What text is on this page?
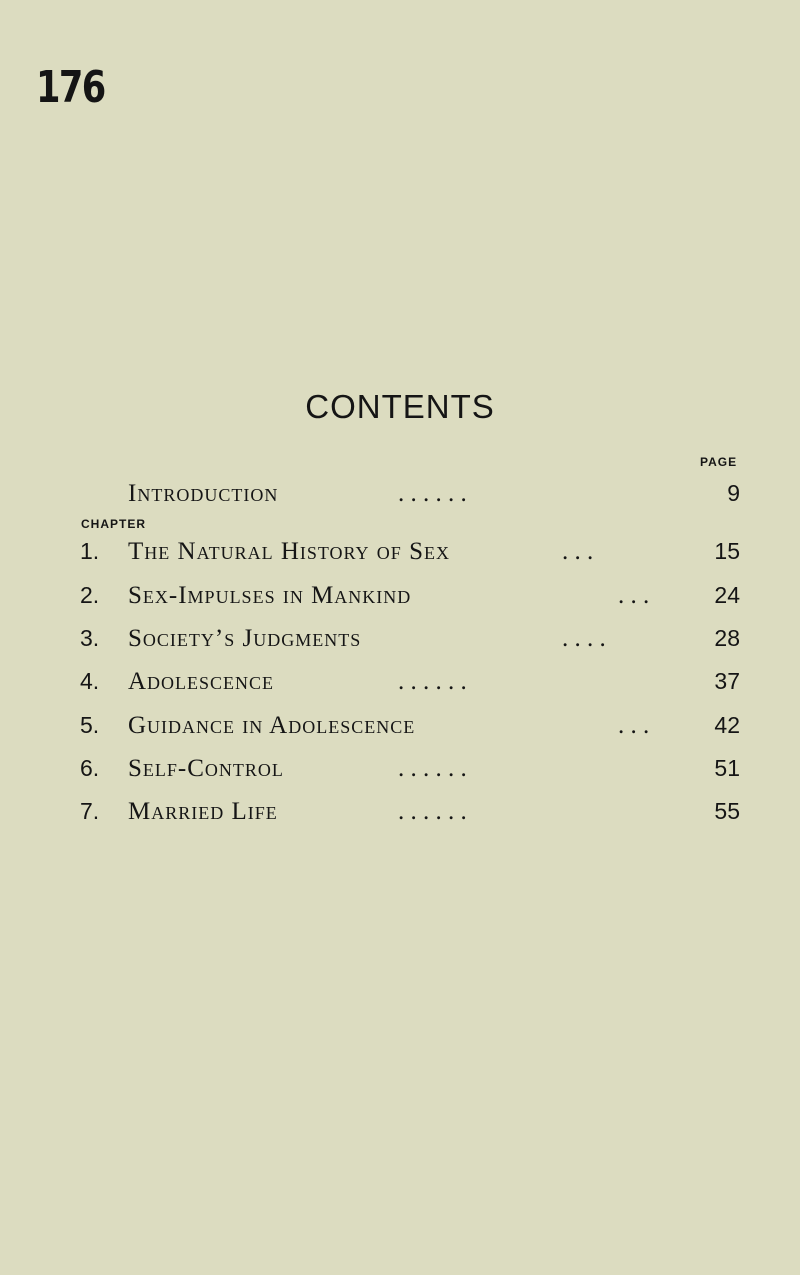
176
CONTENTS
PAGE
Introduction	. . . . . .	9
CHAPTER
1. The Natural History of Sex	. . .	15
2. Sex-Impulses in Mankind	. . .	24
3. Society’s Judgments	. . . .	28
4. Adolescence	. . . . . .	37
5. Guidance in Adolescence	. . .	42
6. Self-Control	. . . . . .	51
7. Married Life	. . . . . .	55
